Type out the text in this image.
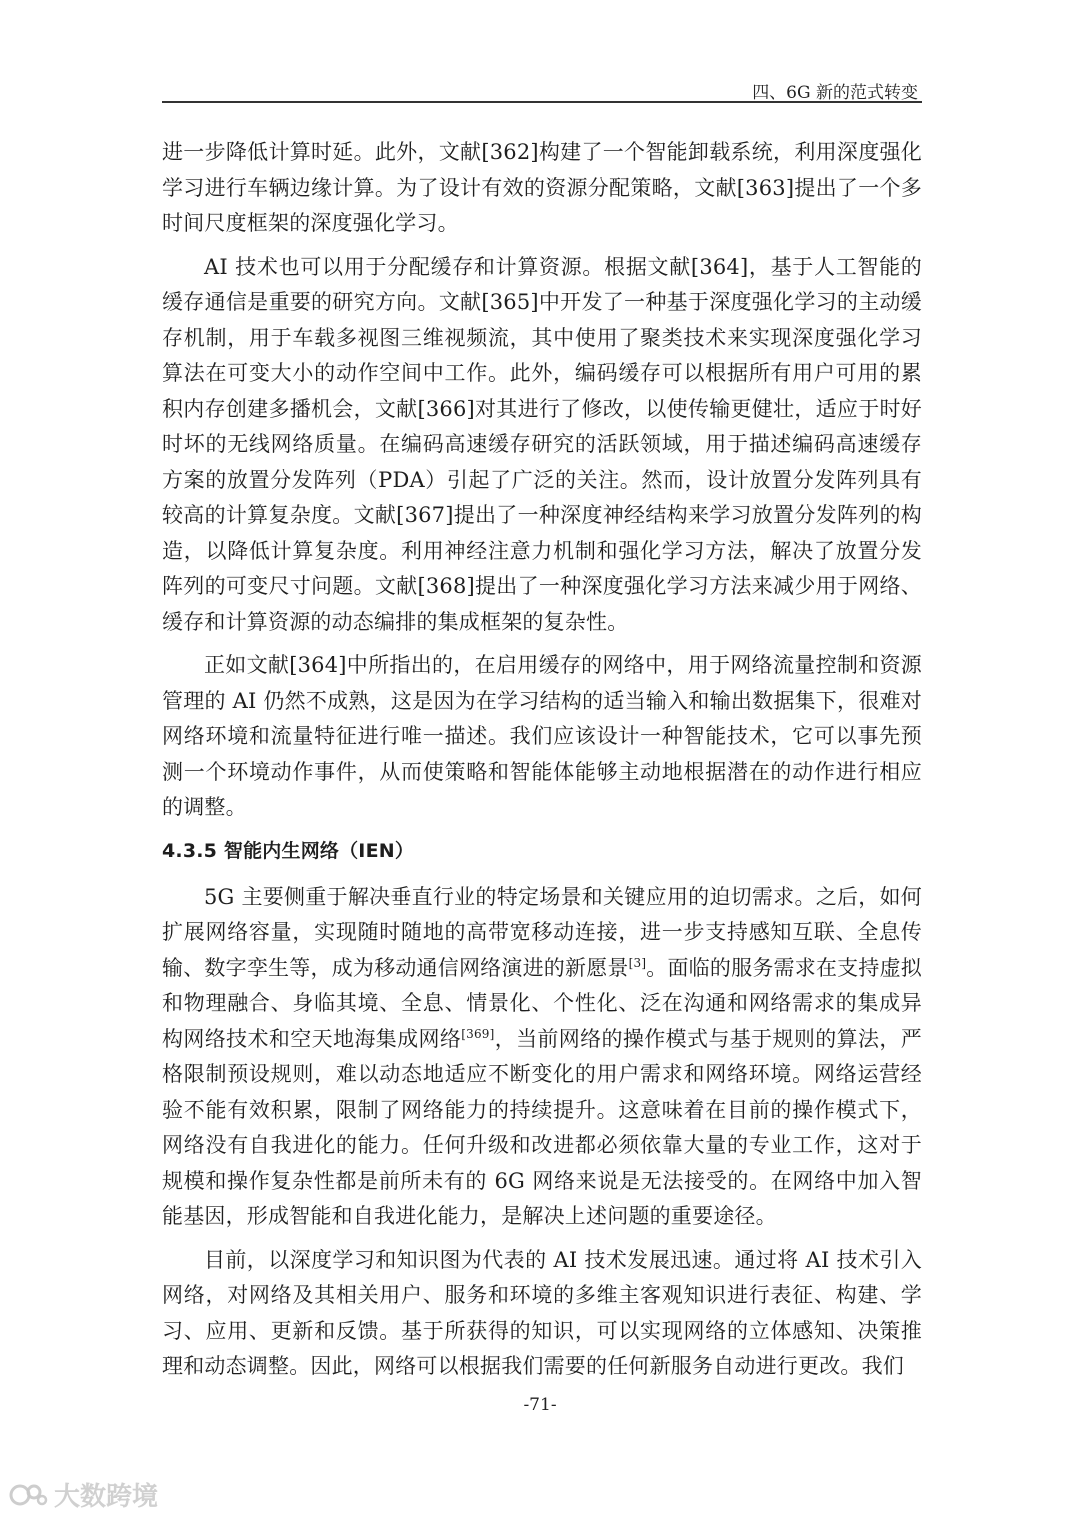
四、6G 新的范式转变

进一步降低计算时延。此外，文献[362]构建了一个智能卸载系统，利用深度强化学习进行车辆边缘计算。为了设计有效的资源分配策略，文献[363]提出了一个多时间尺度框架的深度强化学习。

AI 技术也可以用于分配缓存和计算资源。根据文献[364]，基于人工智能的缓存通信是重要的研究方向。文献[365]中开发了一种基于深度强化学习的主动缓存机制，用于车载多视图三维视频流，其中使用了聚类技术来实现深度强化学习算法在可变大小的动作空间中工作。此外，编码缓存可以根据所有用户可用的累积内存创建多播机会，文献[366]对其进行了修改，以使传输更健壮，适应于时好时坏的无线网络质量。在编码高速缓存研究的活跃领域，用于描述编码高速缓存方案的放置分发阵列（PDA）引起了广泛的关注。然而，设计放置分发阵列具有较高的计算复杂度。文献[367]提出了一种深度神经结构来学习放置分发阵列的构造，以降低计算复杂度。利用神经注意力机制和强化学习方法，解决了放置分发阵列的可变尺寸问题。文献[368]提出了一种深度强化学习方法来减少用于网络、缓存和计算资源的动态编排的集成框架的复杂性。

正如文献[364]中所指出的，在启用缓存的网络中，用于网络流量控制和资源管理的 AI 仍然不成熟，这是因为在学习结构的适当输入和输出数据集下，很难对网络环境和流量特征进行唯一描述。我们应该设计一种智能技术，它可以事先预测一个环境动作事件，从而使策略和智能体能够主动地根据潜在的动作进行相应的调整。

4.3.5 智能内生网络（IEN）

5G 主要侧重于解决垂直行业的特定场景和关键应用的迫切需求。之后，如何扩展网络容量，实现随时随地的高带宽移动连接，进一步支持感知互联、全息传输、数字孪生等，成为移动通信网络演进的新愿景[3]。面临的服务需求在支持虚拟和物理融合、身临其境、全息、情景化、个性化、泛在沟通和网络需求的集成异构网络技术和空天地海集成网络[369]，当前网络的操作模式与基于规则的算法，严格限制预设规则，难以动态地适应不断变化的用户需求和网络环境。网络运营经验不能有效积累，限制了网络能力的持续提升。这意味着在目前的操作模式下，网络没有自我进化的能力。任何升级和改进都必须依靠大量的专业工作，这对于规模和操作复杂性都是前所未有的 6G 网络来说是无法接受的。在网络中加入智能基因，形成智能和自我进化能力，是解决上述问题的重要途径。

目前，以深度学习和知识图为代表的 AI 技术发展迅速。通过将 AI 技术引入网络，对网络及其相关用户、服务和环境的多维主客观知识进行表征、构建、学习、应用、更新和反馈。基于所获得的知识，可以实现网络的立体感知、决策推理和动态调整。因此，网络可以根据我们需要的任何新服务自动进行更改。我们

-71-
大数跨境
